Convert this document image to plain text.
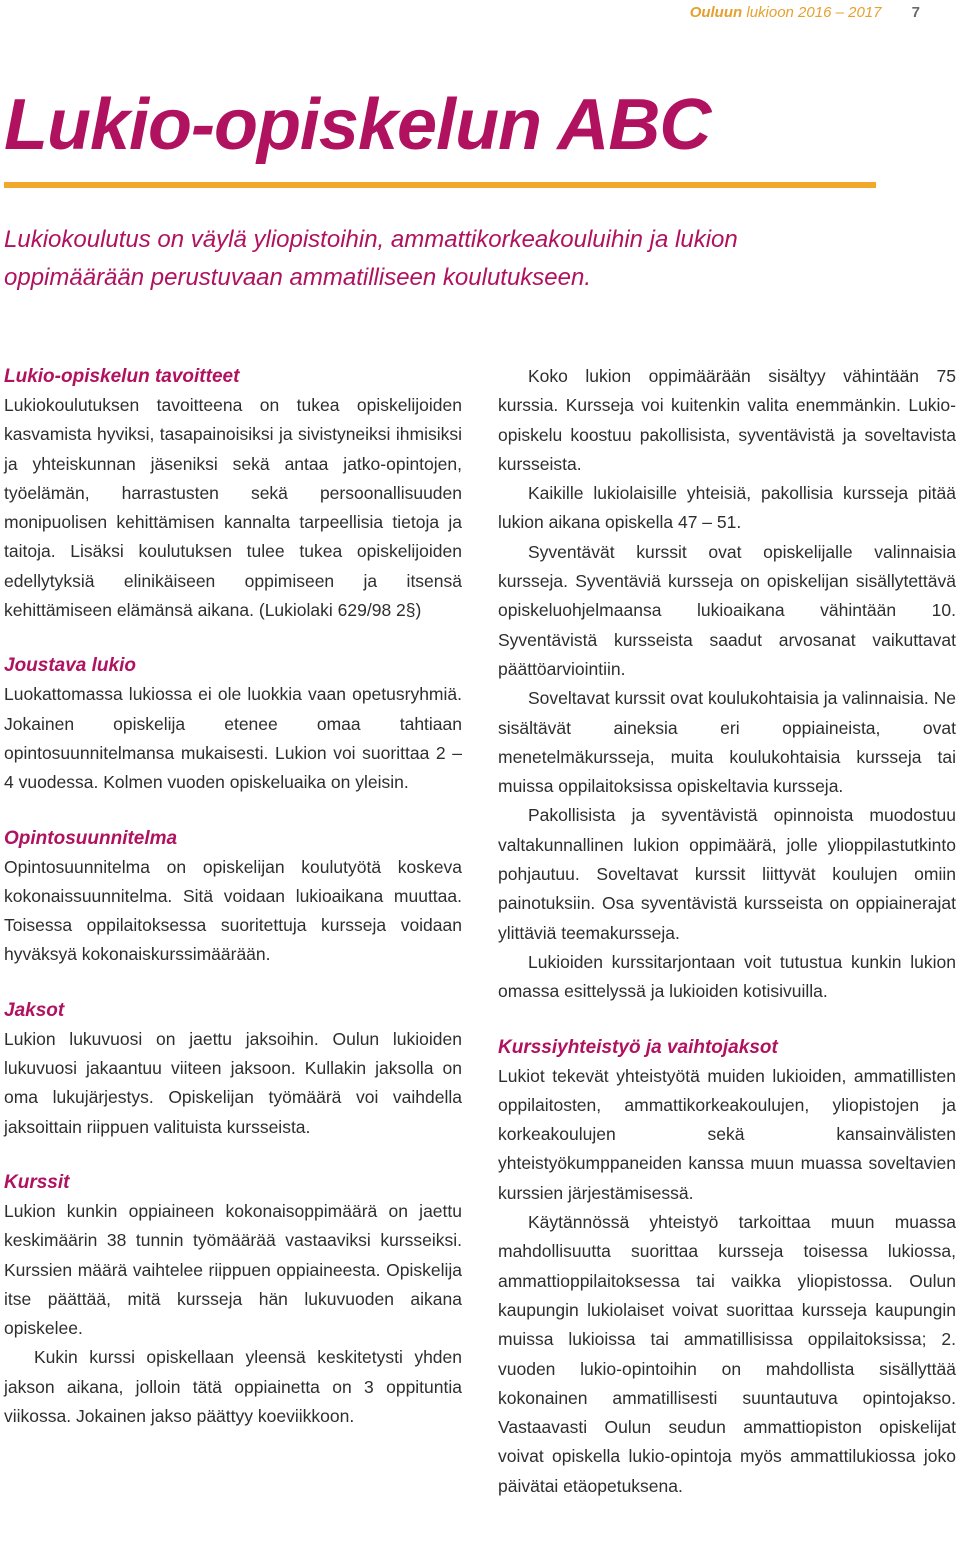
Ouluun lukioon 2016 – 2017 7
Lukio-opiskelun ABC

Lukiokoulutus on väylä yliopistoihin, ammattikorkeakouluihin ja lukion oppimäärään perustuvaan ammatilliseen koulutukseen.

Lukio-opiskelun tavoitteet

Lukiokoulutuksen tavoitteena on tukea opiskelijoiden kasvamista hyviksi, tasapainoisiksi ja sivistyneiksi ihmisiksi ja yhteiskunnan jäseniksi sekä antaa jatko-opintojen, työelämän, harrastusten sekä persoonallisuuden monipuolisen kehittämisen kannalta tarpeellisia tietoja ja taitoja. Lisäksi koulutuksen tulee tukea opiskelijoiden edellytyksiä elinikäiseen oppimiseen ja itsensä kehittämiseen elämänsä aikana. (Lukiolaki 629/98 2§)

Joustava lukio

Luokattomassa lukiossa ei ole luokkia vaan opetusryhmiä. Jokainen opiskelija etenee omaa tahtiaan opintosuunnitelmansa mukaisesti. Lukion voi suorittaa 2 – 4 vuodessa. Kolmen vuoden opiskeluaika on yleisin.

Opintosuunnitelma

Opintosuunnitelma on opiskelijan koulutyötä koskeva kokonaissuunnitelma. Sitä voidaan lukioaikana muuttaa. Toisessa oppilaitoksessa suoritettuja kursseja voidaan hyväksyä kokonaiskurssimäärään.

Jaksot

Lukion lukuvuosi on jaettu jaksoihin. Oulun lukioiden lukuvuosi jakaantuu viiteen jaksoon. Kullakin jaksolla on oma lukujärjestys. Opiskelijan työmäärä voi vaihdella jaksoittain riippuen valituista kursseista.

Kurssit

Lukion kunkin oppiaineen kokonaisoppimäärä on jaettu keskimäärin 38 tunnin työmäärää vastaaviksi kursseiksi. Kurssien määrä vaihtelee riippuen oppiaineesta. Opiskelija itse päättää, mitä kursseja hän lukuvuoden aikana opiskelee.

Kukin kurssi opiskellaan yleensä keskitetysti yhden jakson aikana, jolloin tätä oppiainetta on 3 oppituntia viikossa. Jokainen jakso päättyy koeviikkoon.

Koko lukion oppimäärään sisältyy vähintään 75 kurssia. Kursseja voi kuitenkin valita enemmänkin. Lukio-opiskelu koostuu pakollisista, syventävistä ja soveltavista kursseista.

Kaikille lukiolaisille yhteisiä, pakollisia kursseja pitää lukion aikana opiskella 47 – 51.

Syventävät kurssit ovat opiskelijalle valinnaisia kursseja. Syventäviä kursseja on opiskelijan sisällytettävä opiskeluohjelmaansa lukioaikana vähintään 10. Syventävistä kursseista saadut arvosanat vaikuttavat päättöarviointiin.

Soveltavat kurssit ovat koulukohtaisia ja valinnaisia. Ne sisältävät aineksia eri oppiaineista, ovat menetelmäkursseja, muita koulukohtaisia kursseja tai muissa oppilaitoksissa opiskeltavia kursseja.

Pakollisista ja syventävistä opinnoista muodostuu valtakunnallinen lukion oppimäärä, jolle ylioppilastutkinto pohjautuu. Soveltavat kurssit liittyvät koulujen omiin painotuksiin. Osa syventävistä kursseista on oppiainerajat ylittäviä teemakursseja.

Lukioiden kurssitarjontaan voit tutustua kunkin lukion omassa esittelyssä ja lukioiden kotisivuilla.

Kurssiyhteistyö ja vaihtojaksot

Lukiot tekevät yhteistyötä muiden lukioiden, ammatillisten oppilaitosten, ammattikorkeakoulujen, yliopistojen ja korkeakoulujen sekä kansainvälisten yhteistyökumppaneiden kanssa muun muassa soveltavien kurssien järjestämisessä.

Käytännössä yhteistyö tarkoittaa muun muassa mahdollisuutta suorittaa kursseja toisessa lukiossa, ammattioppilaitoksessa tai vaikka yliopistossa. Oulun kaupungin lukiolaiset voivat suorittaa kursseja kaupungin muissa lukioissa tai ammatillisissa oppilaitoksissa; 2. vuoden lukio-opintoihin on mahdollista sisällyttää kokonainen ammatillisesti suuntautuva opintojakso. Vastaavasti Oulun seudun ammattiopiston opiskelijat voivat opiskella lukio-opintoja myös ammattilukiossa joko päivätai etäopetuksena.
